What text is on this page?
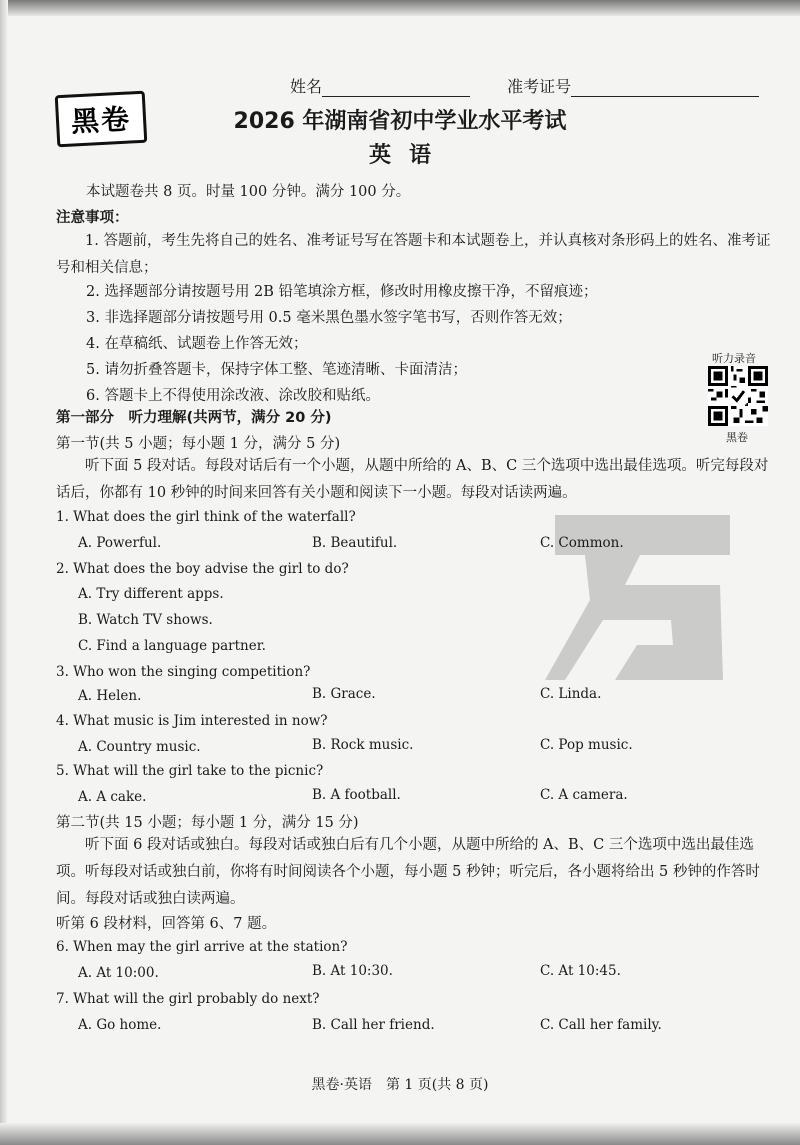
姓名	准考证号
黑卷	2026 年湖南省初中学业水平考试
英语
本试题卷共 8 页。时量 100 分钟。满分 100 分。
注意事项：
1. 答题前，考生先将自己的姓名、准考证号写在答题卡和本试题卷上，并认真核对条形码上的姓名、准考证号和相关信息；
2. 选择题部分请按题号用 2B 铅笔填涂方框，修改时用橡皮擦干净，不留痕迹；
3. 非选择题部分请按题号用 0.5 毫米黑色墨水签字笔书写，否则作答无效；
4. 在草稿纸、试题卷上作答无效；
5. 请勿折叠答题卡，保持字体工整、笔迹清晰、卡面清洁；
6. 答题卡上不得使用涂改液、涂改胶和贴纸。
听力录音
黑卷
第一部分　听力理解(共两节，满分 20 分)
第一节(共 5 小题；每小题 1 分，满分 5 分)
听下面 5 段对话。每段对话后有一个小题，从题中所给的 A、B、C 三个选项中选出最佳选项。听完每段对话后，你都有 10 秒钟的时间来回答有关小题和阅读下一小题。每段对话读两遍。
1. What does the girl think of the waterfall?
A. Powerful.	B. Beautiful.	C. Common.
2. What does the boy advise the girl to do?
A. Try different apps.
B. Watch TV shows.
C. Find a language partner.
3. Who won the singing competition?
A. Helen.	B. Grace.	C. Linda.
4. What music is Jim interested in now?
A. Country music.	B. Rock music.	C. Pop music.
5. What will the girl take to the picnic?
A. A cake.	B. A football.	C. A camera.
第二节(共 15 小题；每小题 1 分，满分 15 分)
听下面 6 段对话或独白。每段对话或独白后有几个小题，从题中所给的 A、B、C 三个选项中选出最佳选项。听每段对话或独白前，你将有时间阅读各个小题，每小题 5 秒钟；听完后，各小题将给出 5 秒钟的作答时间。每段对话或独白读两遍。
听第 6 段材料，回答第 6、7 题。
6. When may the girl arrive at the station?
A. At 10:00.	B. At 10:30.	C. At 10:45.
7. What will the girl probably do next?
A. Go home.	B. Call her friend.	C. Call her family.
黑卷·英语　第 1 页(共 8 页)
